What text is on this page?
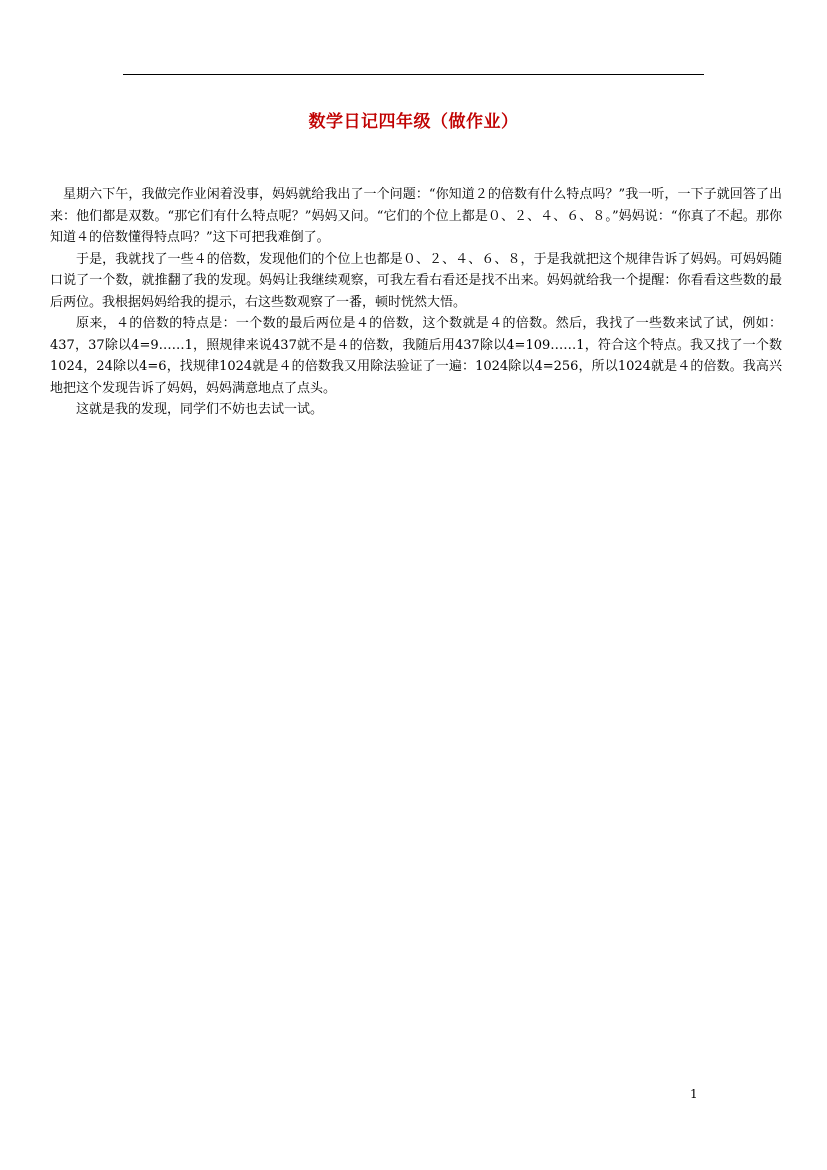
数学日记四年级（做作业）

星期六下午，我做完作业闲着没事，妈妈就给我出了一个问题：“你知道２的倍数有什么特点吗？”我一听，一下子就回答了出来：他们都是双数。“那它们有什么特点呢？”妈妈又问。“它们的个位上都是０、２、４、６、８。”妈妈说：“你真了不起。那你知道４的倍数懂得特点吗？”这下可把我难倒了。

于是，我就找了一些４的倍数，发现他们的个位上也都是０、２、４、６、８，于是我就把这个规律告诉了妈妈。可妈妈随口说了一个数，就推翻了我的发现。妈妈让我继续观察，可我左看右看还是找不出来。妈妈就给我一个提醒：你看看这些数的最后两位。我根据妈妈给我的提示，右这些数观察了一番，顿时恍然大悟。

原来，４的倍数的特点是：一个数的最后两位是４的倍数，这个数就是４的倍数。然后，我找了一些数来试了试，例如：437，37除以4=9……1，照规律来说437就不是４的倍数，我随后用437除以4=109……1，符合这个特点。我又找了一个数1024，24除以4=6，找规律1024就是４的倍数我又用除法验证了一遍：1024除以4=256，所以1024就是４的倍数。我高兴地把这个发现告诉了妈妈，妈妈满意地点了点头。

这就是我的发现，同学们不妨也去试一试。

1
